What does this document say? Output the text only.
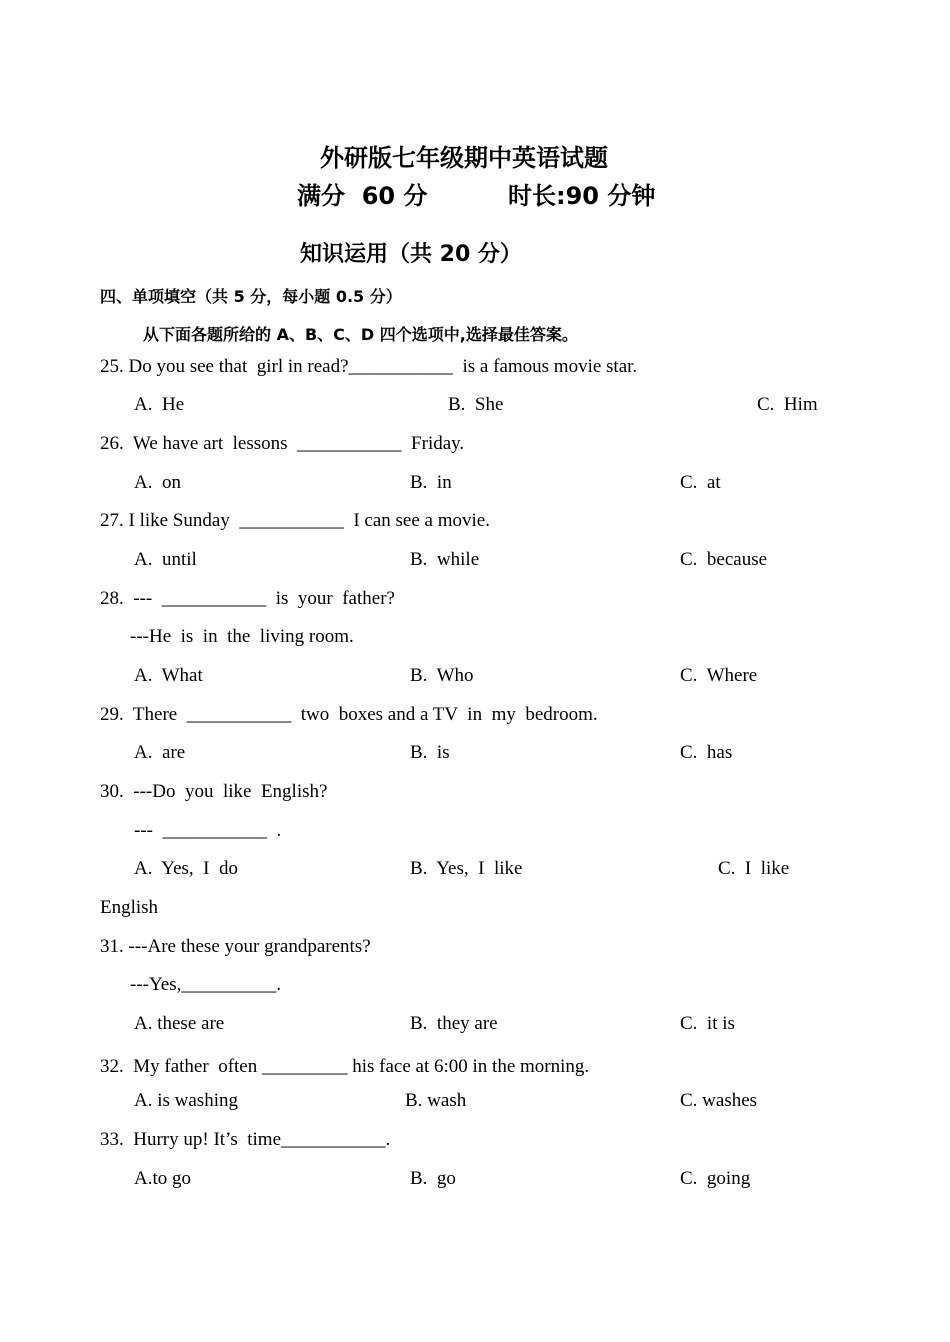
外研版七年级期中英语试题
满分  60 分	时长:90 分钟
知识运用（共 20 分）
四、单项填空（共 5 分，每小题 0.5 分）
从下面各题所给的 A、B、C、D 四个选项中,选择最佳答案。
25. Do you see that  girl in read?___________  is a famous movie star.
A.  He	B.  She	C.  Him
26.  We have art  lessons  ___________  Friday.
A.  on	B.  in	C.  at
27. I like Sunday  ___________  I can see a movie.
A.  until	B.  while	C.  because
28.  ---  ___________  is  your  father?
---He  is  in  the  living room.
A.  What	B.  Who	C.  Where
29.  There  ___________  two  boxes and a TV  in  my  bedroom.
A.  are	B.  is	C.  has
30.  ---Do  you  like  English?
---  ___________  .
A.  Yes,  I  do	B.  Yes,  I  like	C.  I  like
English
31. ---Are these your grandparents?
---Yes,__________.
A. these are	B.  they are	C.  it is
32.  My father  often _________ his face at 6:00 in the morning.
A. is washing	B. wash	C. washes
33.  Hurry up! It’s  time___________.
A.to go	B.  go	C.  going
